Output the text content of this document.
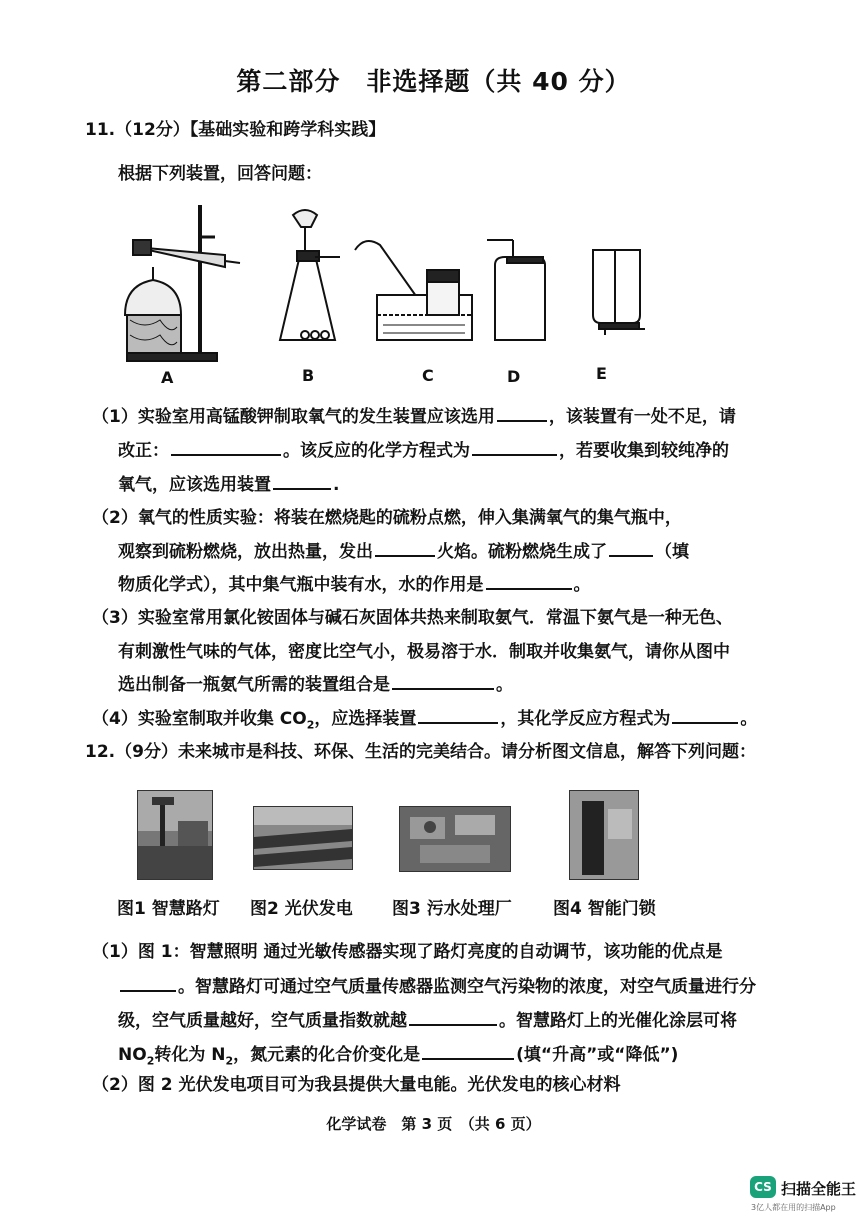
第二部分　非选择题（共 40 分）
11.（12分）【基础实验和跨学科实践】
根据下列装置，回答问题：
A	B	C	D	E
（1）实验室用高锰酸钾制取氧气的发生装置应该选用	，该装置有一处不足，请
改正：	。该反应的化学方程式为	，若要收集到较纯净的
氧气，应该选用装置	.
（2）氧气的性质实验：将装在燃烧匙的硫粉点燃，伸入集满氧气的集气瓶中，
观察到硫粉燃烧，放出热量，发出	火焰。硫粉燃烧生成了	（填
物质化学式），其中集气瓶中装有水，水的作用是	。
（3）实验室常用氯化铵固体与碱石灰固体共热来制取氨气．常温下氨气是一种无色、
有刺激性气味的气体，密度比空气小，极易溶于水．制取并收集氨气，请你从图中
选出制备一瓶氨气所需的装置组合是	。
（4）实验室制取并收集 $CO_2$，应选择装置	，其化学反应方程式为	。
12.（9分）未来城市是科技、环保、生活的完美结合。请分析图文信息，解答下列问题：
图1 智慧路灯 图2 光伏发电 图3 污水处理厂 图4 智能门锁
（1）图 1：智慧照明 通过光敏传感器实现了路灯亮度的自动调节，该功能的优点是
。智慧路灯可通过空气质量传感器监测空气污染物的浓度，对空气质量进行分
级，空气质量越好，空气质量指数就越	。智慧路灯上的光催化涂层可将
$NO_2$转化为 $N_2$，氮元素的化合价变化是	(填“升高”或“降低”)
（2）图 2 光伏发电项目可为我县提供大量电能。光伏发电的核心材料
化学试卷　第 3 页　（共 6 页）
CS 扫描全能王
3亿人都在用的扫描App
